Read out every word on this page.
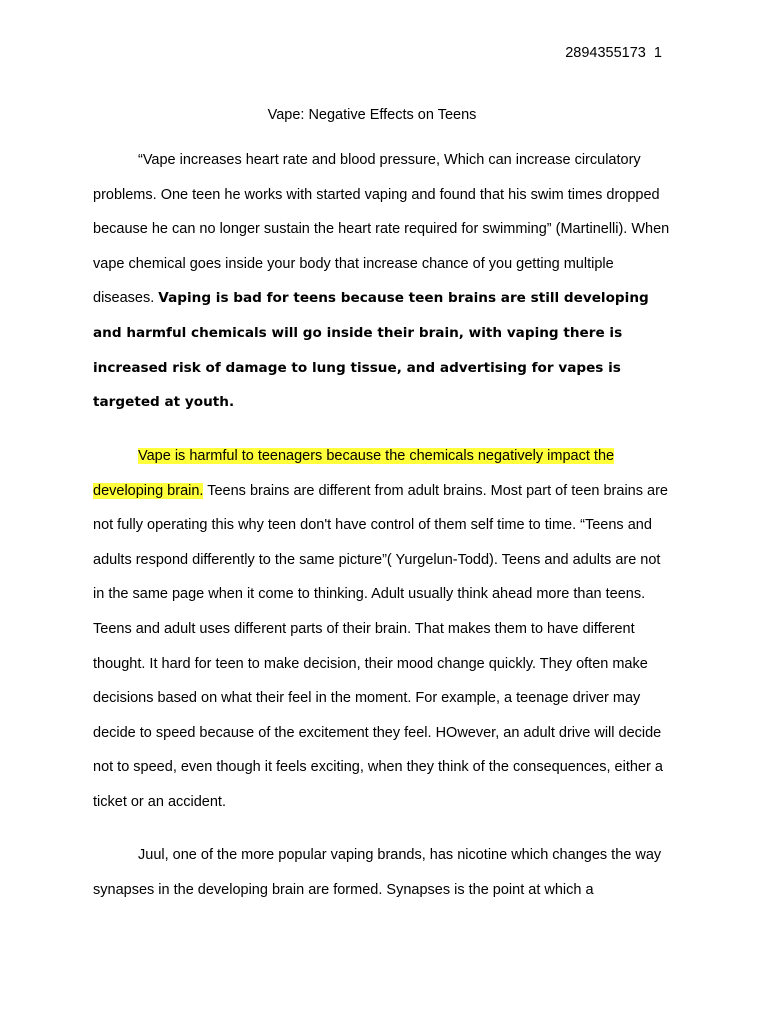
2894355173  1
Vape: Negative Effects on Teens

“Vape increases heart rate and blood pressure, Which can increase circulatory problems. One teen he works with started vaping and found that his swim times dropped because he can no longer sustain the heart rate required for swimming” (Martinelli). When vape chemical goes inside your body that increase chance of you getting multiple diseases. Vaping is bad for teens because teen brains are still developing and harmful chemicals will go inside their brain, with vaping there is increased risk of damage to lung tissue, and advertising for vapes is targeted at youth.

Vape is harmful to teenagers because the chemicals negatively impact the developing brain. Teens brains are different from adult brains. Most part of teen brains are not fully operating this why teen don't have control of them self time to time. “Teens and adults respond differently to the same picture”( Yurgelun-Todd). Teens and adults are not in the same page when it come to thinking. Adult usually think ahead more than teens. Teens and adult uses different parts of their brain. That makes them to have different thought. It hard for teen to make decision, their mood change quickly. They often make decisions based on what their feel in the moment. For example, a teenage driver may decide to speed because of the excitement they feel. HOwever, an adult drive will decide not to speed, even though it feels exciting, when they think of the consequences, either a ticket or an accident.

Juul, one of the more popular vaping brands, has nicotine which changes the way synapses in the developing brain are formed. Synapses is the point at which a
